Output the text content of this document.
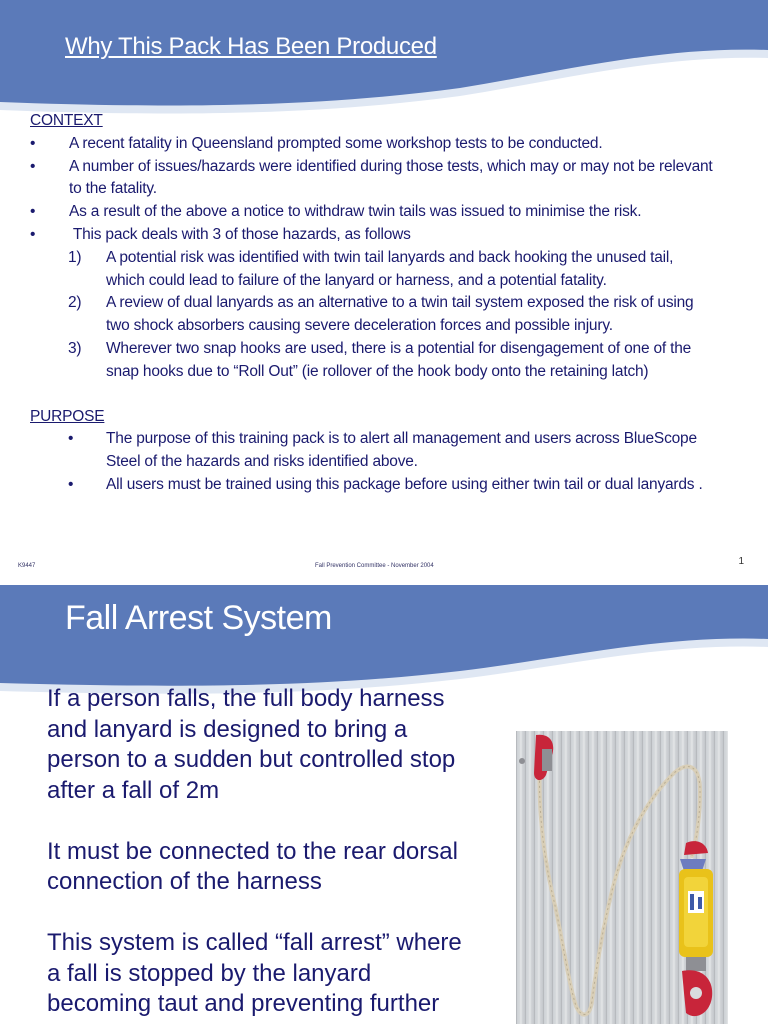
Why This Pack Has Been Produced
CONTEXT
•	A recent fatality in Queensland prompted some workshop tests to be conducted.
•	A number of issues/hazards were identified during those tests, which may or may not be relevant
to the fatality.
•	As a result of the above a notice to withdraw twin tails was issued to minimise the risk.
•	This pack deals with 3 of those hazards, as follows
1)	A potential risk was identified with twin tail lanyards and back hooking the unused tail,
which could lead to failure of the lanyard or harness, and a potential fatality.
2)	A review of dual lanyards as an alternative to a twin tail system exposed the risk of using
two shock absorbers causing severe deceleration forces and possible injury.
3)	Wherever two snap hooks are used, there is a potential for disengagement of one of the
snap hooks due to “Roll Out” (ie rollover of the hook body onto the retaining latch)
PURPOSE
•	The purpose of this training pack is to alert all management and users across BlueScope
Steel of the hazards and risks identified above.
•	All users must be trained using this package before using either twin tail or dual lanyards .
K9447	Fall Prevention Committee - November 2004	1
Fall Arrest System

If a person falls, the full body harness
and lanyard is designed to bring a
person to a sudden but controlled stop
after a fall of 2m

It must be connected to the rear dorsal
connection of the harness

This system is called “fall arrest” where
a fall is stopped by the lanyard
becoming taut and preventing further
